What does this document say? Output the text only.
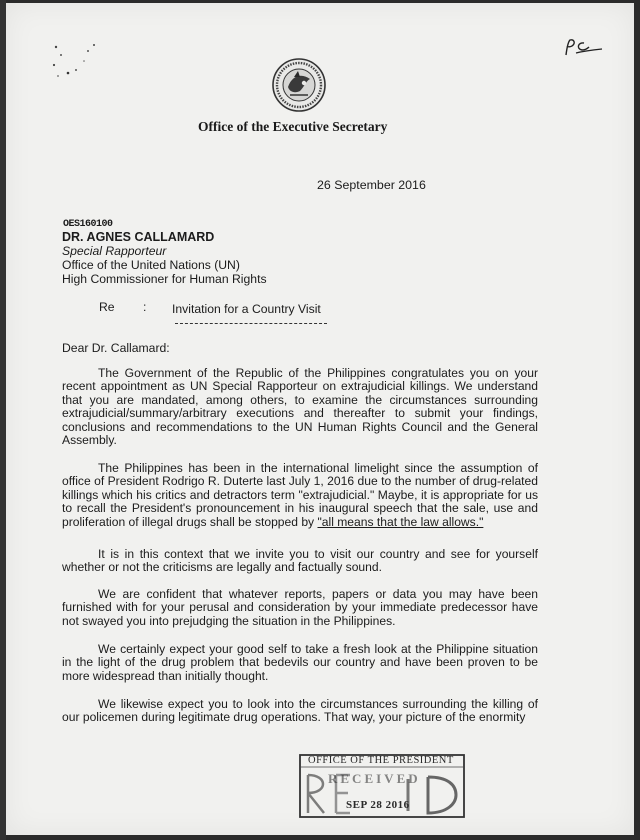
Office of the Executive Secretary
26 September 2016
OES160100
DR. AGNES CALLAMARD
Special Rapporteur
Office of the United Nations (UN)
High Commissioner for Human Rights
Re : Invitation for a Country Visit
Dear Dr. Callamard:
The Government of the Republic of the Philippines congratulates you on your recent appointment as UN Special Rapporteur on extrajudicial killings. We understand that you are mandated, among others, to examine the circumstances surrounding extrajudicial/summary/arbitrary executions and thereafter to submit your findings, conclusions and recommendations to the UN Human Rights Council and the General Assembly.
The Philippines has been in the international limelight since the assumption of office of President Rodrigo R. Duterte last July 1, 2016 due to the number of drug-related killings which his critics and detractors term "extrajudicial." Maybe, it is appropriate for us to recall the President's pronouncement in his inaugural speech that the sale, use and proliferation of illegal drugs shall be stopped by "all means that the law allows."
It is in this context that we invite you to visit our country and see for yourself whether or not the criticisms are legally and factually sound.
We are confident that whatever reports, papers or data you may have been furnished with for your perusal and consideration by your immediate predecessor have not swayed you into prejudging the situation in the Philippines.
We certainly expect your good self to take a fresh look at the Philippine situation in the light of the drug problem that bedevils our country and have been proven to be more widespread than initially thought.
We likewise expect you to look into the circumstances surrounding the killing of our policemen during legitimate drug operations. That way, your picture of the enormity
OFFICE OF THE PRESIDENT
RECEIVED
SEP 28 2016
